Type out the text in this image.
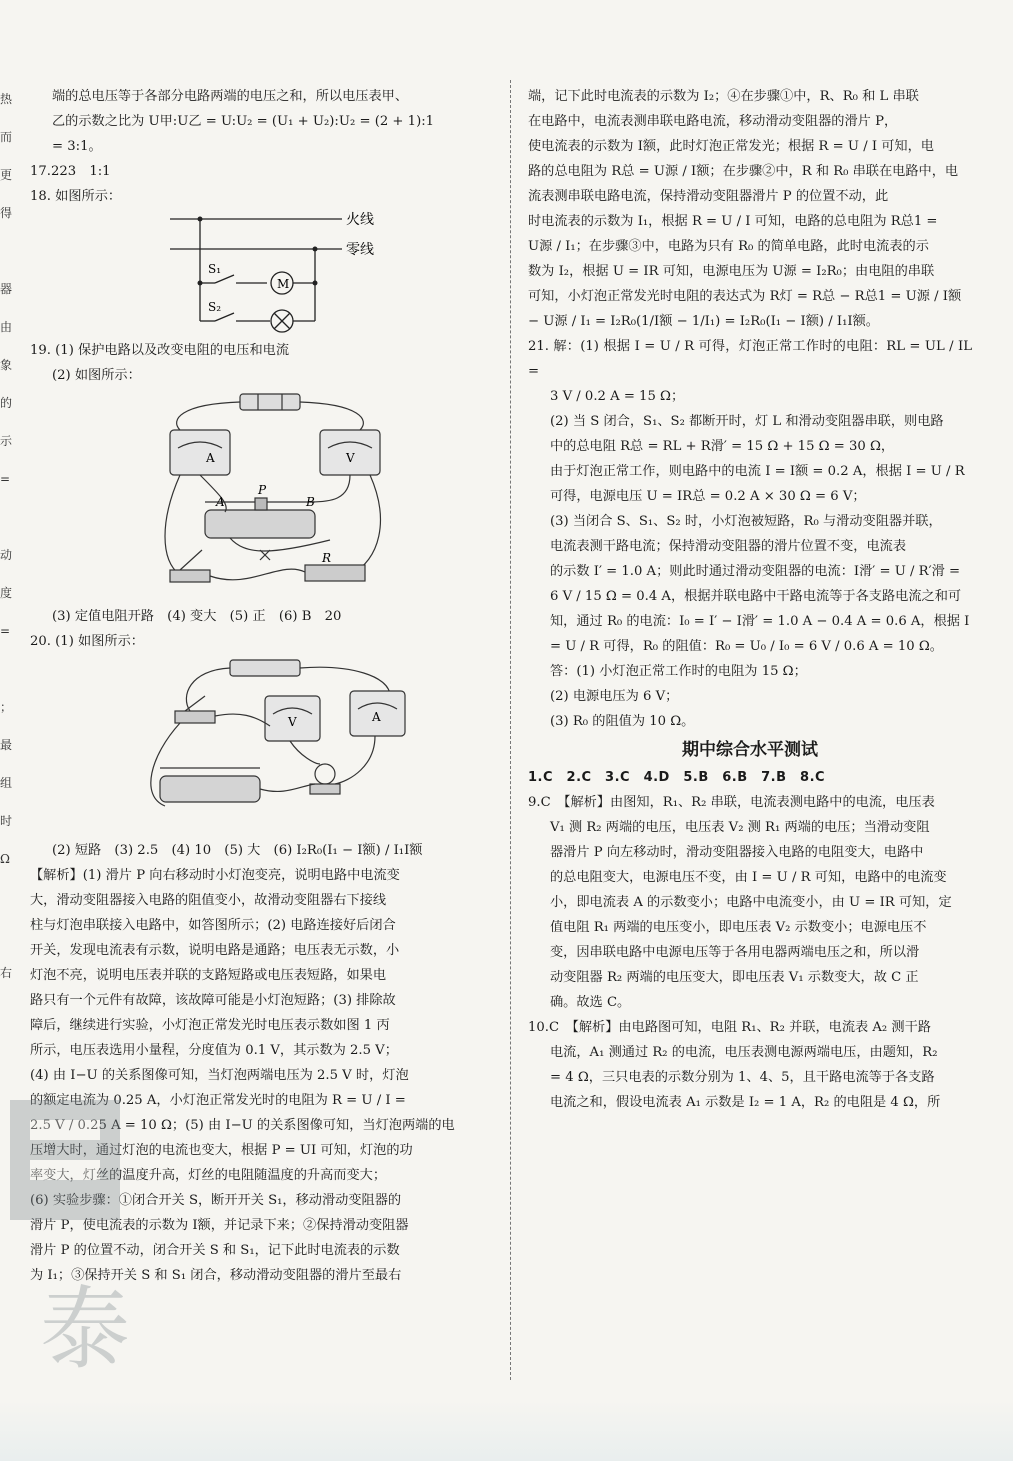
热
而
更
得
器
由
象
的
示
=
动
度
=
；
最
组
时
Ω
右

端的总电压等于各部分电路两端的电压之和，所以电压表甲、

乙的示数之比为 U甲:U乙 = U:U₂ = (U₁ + U₂):U₂ = (2 + 1):1

= 3:1。

17.223　1:1

18. 如图所示：

火线
零线
S₁
S₂
M

19. (1) 保护电路以及改变电阻的电压和电流

(2) 如图所示：

A	V
A
P
B
R

(3) 定值电阻开路　(4) 变大　(5) 正　(6) B　20

20. (1) 如图所示：

V	A

(2) 短路　(3) 2.5　(4) 10　(5) 大　(6) I₂R₀(I₁ − I额) / I₁I额

【解析】(1) 滑片 P 向右移动时小灯泡变亮，说明电路中电流变

大，滑动变阻器接入电路的阻值变小，故滑动变阻器右下接线

柱与灯泡串联接入电路中，如答图所示；(2) 电路连接好后闭合

开关，发现电流表有示数，说明电路是通路；电压表无示数，小

灯泡不亮，说明电压表并联的支路短路或电压表短路，如果电

路只有一个元件有故障，该故障可能是小灯泡短路；(3) 排除故

障后，继续进行实验，小灯泡正常发光时电压表示数如图 1 丙

所示，电压表选用小量程，分度值为 0.1 V，其示数为 2.5 V；

(4) 由 I−U 的关系图像可知，当灯泡两端电压为 2.5 V 时，灯泡

的额定电流为 0.25 A，小灯泡正常发光时的电阻为 R = U / I =

2.5 V / 0.25 A = 10 Ω；(5) 由 I−U 的关系图像可知，当灯泡两端的电

压增大时，通过灯泡的电流也变大，根据 P = UI 可知，灯泡的功

率变大，灯丝的温度升高，灯丝的电阻随温度的升高而变大；

(6) 实验步骤：①闭合开关 S，断开开关 S₁，移动滑动变阻器的

滑片 P，使电流表的示数为 I额，并记录下来；②保持滑动变阻器

滑片 P 的位置不动，闭合开关 S 和 S₁，记下此时电流表的示数

为 I₁；③保持开关 S 和 S₁ 闭合，移动滑动变阻器的滑片至最右

端，记下此时电流表的示数为 I₂；④在步骤①中，R、R₀ 和 L 串联

在电路中，电流表测串联电路电流，移动滑动变阻器的滑片 P，

使电流表的示数为 I额，此时灯泡正常发光；根据 R = U / I 可知，电

路的总电阻为 R总 = U源 / I额；在步骤②中，R 和 R₀ 串联在电路中，电

流表测串联电路电流，保持滑动变阻器滑片 P 的位置不动，此

时电流表的示数为 I₁，根据 R = U / I 可知，电路的总电阻为 R总1 =

U源 / I₁；在步骤③中，电路为只有 R₀ 的简单电路，此时电流表的示

数为 I₂，根据 U = IR 可知，电源电压为 U源 = I₂R₀；由电阻的串联

可知，小灯泡正常发光时电阻的表达式为 R灯 = R总 − R总1 = U源 / I额

− U源 / I₁ = I₂R₀(1/I额 − 1/I₁) = I₂R₀(I₁ − I额) / I₁I额。

21. 解：(1) 根据 I = U / R 可得，灯泡正常工作时的电阻：RL = UL / IL =

3 V / 0.2 A = 15 Ω；

(2) 当 S 闭合，S₁、S₂ 都断开时，灯 L 和滑动变阻器串联，则电路

中的总电阻 R总 = RL + R滑′ = 15 Ω + 15 Ω = 30 Ω，

由于灯泡正常工作，则电路中的电流 I = I额 = 0.2 A，根据 I = U / R

可得，电源电压 U = IR总 = 0.2 A × 30 Ω = 6 V；

(3) 当闭合 S、S₁、S₂ 时，小灯泡被短路，R₀ 与滑动变阻器并联，

电流表测干路电流；保持滑动变阻器的滑片位置不变，电流表

的示数 I′ = 1.0 A；则此时通过滑动变阻器的电流：I滑′ = U / R′滑 =

6 V / 15 Ω = 0.4 A，根据并联电路中干路电流等于各支路电流之和可

知，通过 R₀ 的电流：I₀ = I′ − I滑′ = 1.0 A − 0.4 A = 0.6 A，根据 I

= U / R 可得，R₀ 的阻值：R₀ = U₀ / I₀ = 6 V / 0.6 A = 10 Ω。

答：(1) 小灯泡正常工作时的电阻为 15 Ω；

(2) 电源电压为 6 V；

(3) R₀ 的阻值为 10 Ω。

期中综合水平测试

1.C　2.C　3.C　4.D　5.B　6.B　7.B　8.C

9.C　【解析】由图知，R₁、R₂ 串联，电流表测电路中的电流，电压表

V₁ 测 R₂ 两端的电压，电压表 V₂ 测 R₁ 两端的电压；当滑动变阻

器滑片 P 向左移动时，滑动变阻器接入电路的电阻变大，电路中

的总电阻变大，电源电压不变，由 I = U / R 可知，电路中的电流变

小，即电流表 A 的示数变小；电路中电流变小，由 U = IR 可知，定

值电阻 R₁ 两端的电压变小，即电压表 V₂ 示数变小；电源电压不

变，因串联电路中电源电压等于各用电器两端电压之和，所以滑

动变阻器 R₂ 两端的电压变大，即电压表 V₁ 示数变大，故 C 正

确。故选 C。

10.C　【解析】由电路图可知，电阻 R₁、R₂ 并联，电流表 A₂ 测干路

电流，A₁ 测通过 R₂ 的电流，电压表测电源两端电压，由题知，R₂

= 4 Ω，三只电表的示数分别为 1、4、5，且干路电流等于各支路

电流之和，假设电流表 A₁ 示数是 I₂ = 1 A，R₂ 的电阻是 4 Ω，所

泰
